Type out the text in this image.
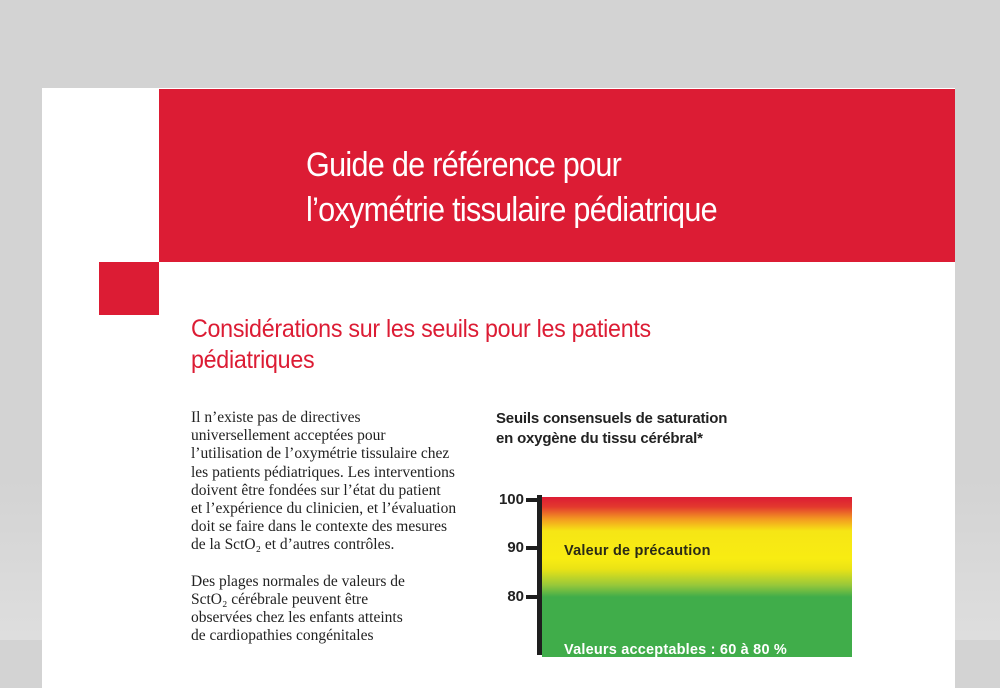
Guide de référence pour
l’oxymétrie tissulaire pédiatrique
Considérations sur les seuils pour les patients
pédiatriques

Il n’existe pas de directives
universellement acceptées pour
l’utilisation de l’oxymétrie tissulaire chez
les patients pédiatriques. Les interventions
doivent être fondées sur l’état du patient
et l’expérience du clinicien, et l’évaluation
doit se faire dans le contexte des mesures
de la SctO₂ et d’autres contrôles.

Des plages normales de valeurs de
SctO₂ cérébrale peuvent être
observées chez les enfants atteints
de cardiopathies congénitales

Seuils consensuels de saturation
en oxygène du tissu cérébral*
100
90
80
Valeur de précaution
Valeurs acceptables : 60 à 80 %
